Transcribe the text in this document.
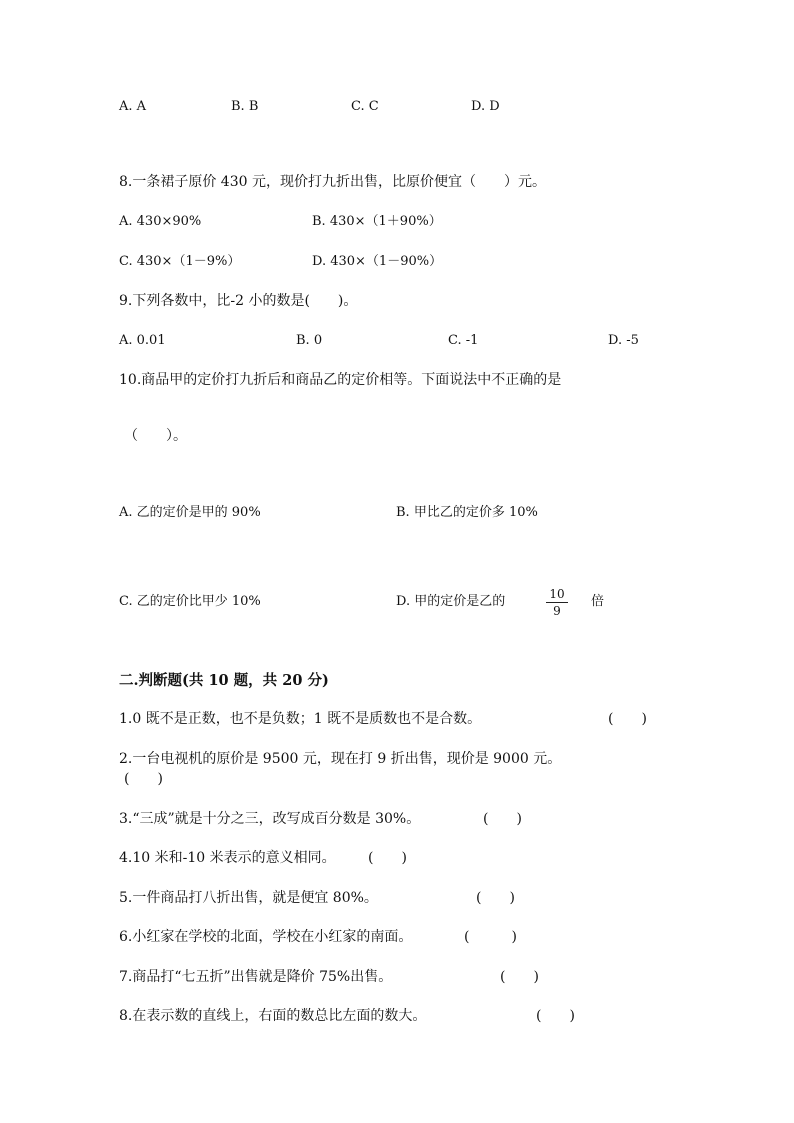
A. A	B. B	C. C	D. D
8.一条裙子原价 430 元，现价打九折出售，比原价便宜（　　）元。
A. 430×90%	B. 430×（1＋90%）
C. 430×（1－9%）	D. 430×（1－90%）
9.下列各数中，比-2 小的数是(　　)。
A. 0.01	B. 0	C. -1	D. -5
10.商品甲的定价打九折后和商品乙的定价相等。下面说法中不正确的是
（　　）。
A. 乙的定价是甲的 90%	B. 甲比乙的定价多 10%
C. 乙的定价比甲少 10%	D. 甲的定价是乙的	$\frac{10}{9}$ 倍
二.判断题(共 10 题，共 20 分)
1.0 既不是正数，也不是负数；1 既不是质数也不是合数。	(　　)
2.一台电视机的原价是 9500 元，现在打 9 折出售，现价是 9000 元。
(　　)
3.“三成”就是十分之三，改写成百分数是 30%。	(　　)
4.10 米和-10 米表示的意义相同。 (　　)
5.一件商品打八折出售，就是便宜 80%。	(　　)
6.小红家在学校的北面，学校在小红家的南面。	(　　　)
7.商品打“七五折”出售就是降价 75%出售。	(　　)
8.在表示数的直线上，右面的数总比左面的数大。	(　　)
